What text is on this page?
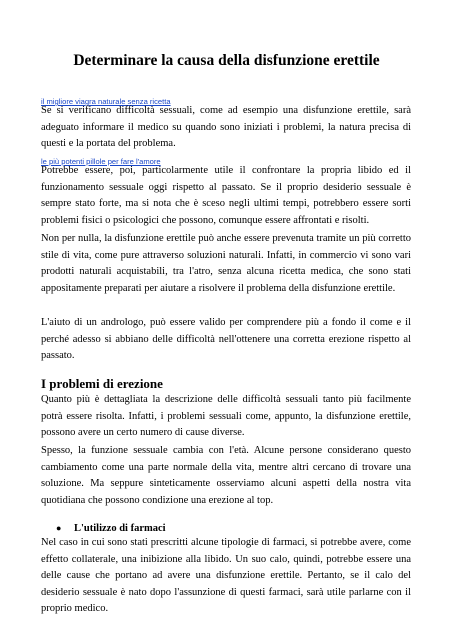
Determinare la causa della disfunzione erettile
il migliore viagra naturale senza ricetta

Se si verificano difficoltà sessuali, come ad esempio una disfunzione erettile, sarà adeguato informare il medico su quando sono iniziati i problemi, la natura precisa di questi e la portata del problema.

le più potenti pillole per fare l'amore

Potrebbe essere, poi, particolarmente utile il confrontare la propria libido ed il funzionamento sessuale oggi rispetto al passato. Se il proprio desiderio sessuale è sempre stato forte, ma si nota che è sceso negli ultimi tempi, potrebbero essere sorti problemi fisici o psicologici che possono, comunque essere affrontati e risolti.

Non per nulla, la disfunzione erettile può anche essere prevenuta tramite un più corretto stile di vita, come pure attraverso soluzioni naturali. Infatti, in commercio vi sono vari prodotti naturali acquistabili, tra l'atro, senza alcuna ricetta medica, che sono stati appositamente preparati per aiutare a risolvere il problema della disfunzione erettile.

L'aiuto di un andrologo, può essere valido per comprendere più a fondo il come e il perché adesso si abbiano delle difficoltà nell'ottenere una corretta erezione rispetto al passato.

I problemi di erezione

Quanto più è dettagliata la descrizione delle difficoltà sessuali tanto più facilmente potrà essere risolta. Infatti, i problemi sessuali come, appunto, la disfunzione erettile, possono avere un certo numero di cause diverse.

Spesso, la funzione sessuale cambia con l'età. Alcune persone considerano questo cambiamento come una parte normale della vita, mentre altri cercano di trovare una soluzione. Ma seppure sinteticamente osserviamo alcuni aspetti della nostra vita quotidiana che possono condizione una erezione al top.

● L'utilizzo di farmaci

Nel caso in cui sono stati prescritti alcune tipologie di farmaci, si potrebbe avere, come effetto collaterale, una inibizione alla libido. Un suo calo, quindi, potrebbe essere una delle cause che portano ad avere una disfunzione erettile. Pertanto, se il calo del desiderio sessuale è nato dopo l'assunzione di questi farmaci, sarà utile parlarne con il proprio medico.
